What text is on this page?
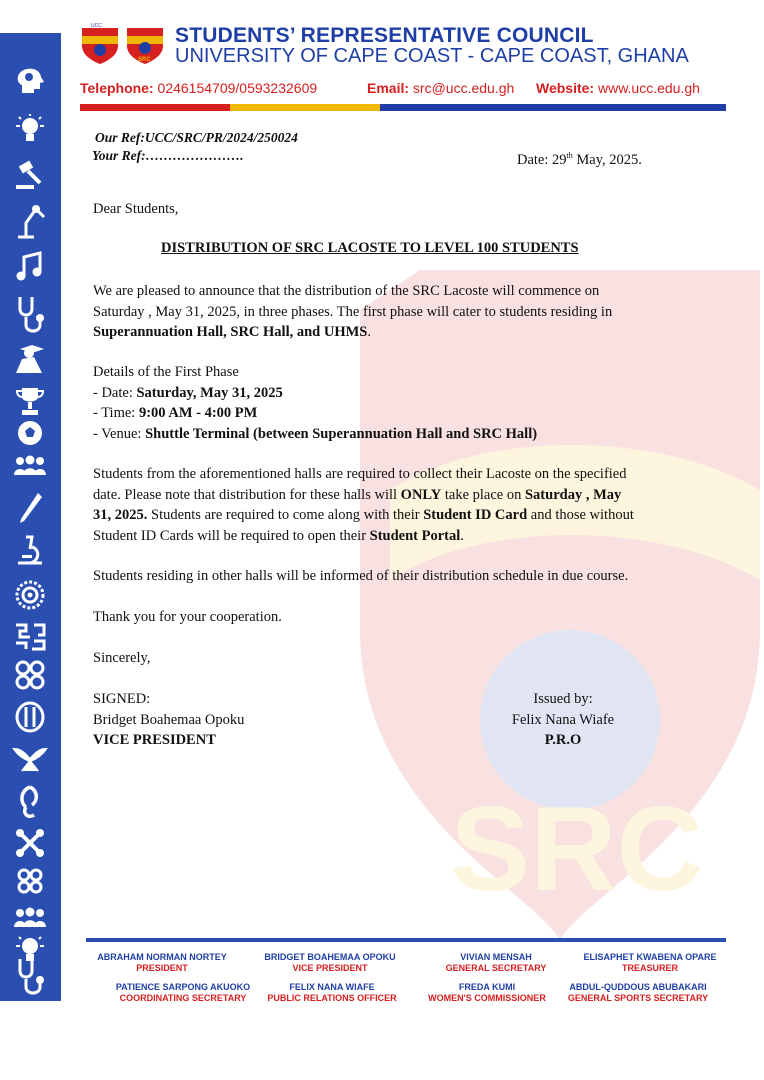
SRC
UCC
SRC
STUDENTS’ REPRESENTATIVE COUNCIL
UNIVERSITY OF CAPE COAST - CAPE COAST, GHANA
Telephone: 0246154709/0593232609	Email: src@ucc.edu.gh Website: www.ucc.edu.gh
Our Ref:UCC/SRC/PR/2024/250024
Your Ref:………………….	Date: 29th May, 2025.
Dear Students,
DISTRIBUTION OF SRC LACOSTE TO LEVEL 100 STUDENTS
We are pleased to announce that the distribution of the SRC Lacoste will commence on
Saturday , May 31, 2025, in three phases. The first phase will cater to students residing in
Superannuation Hall, SRC Hall, and UHMS.
Details of the First Phase
- Date: Saturday, May 31, 2025
- Time: 9:00 AM - 4:00 PM
- Venue: Shuttle Terminal (between Superannuation Hall and SRC Hall)
Students from the aforementioned halls are required to collect their Lacoste on the specified
date. Please note that distribution for these halls will ONLY take place on Saturday , May
31, 2025. Students are required to come along with their Student ID Card and those without
Student ID Cards will be required to open their Student Portal.
Students residing in other halls will be informed of their distribution schedule in due course.
Thank you for your cooperation.
Sincerely,
SIGNED:
Bridget Boahemaa Opoku
VICE PRESIDENT
Issued by:
Felix Nana Wiafe
P.R.O
ABRAHAM NORMAN NORTEY
PRESIDENT
BRIDGET BOAHEMAA OPOKU
VICE PRESIDENT
VIVIAN MENSAH
GENERAL SECRETARY
ELISAPHET KWABENA OPARE
TREASURER
PATIENCE SARPONG AKUOKO
COORDINATING SECRETARY
FELIX NANA WIAFE
PUBLIC RELATIONS OFFICER
FREDA KUMI
WOMEN'S COMMISSIONER
ABDUL-QUDDOUS ABUBAKARI
GENERAL SPORTS SECRETARY
